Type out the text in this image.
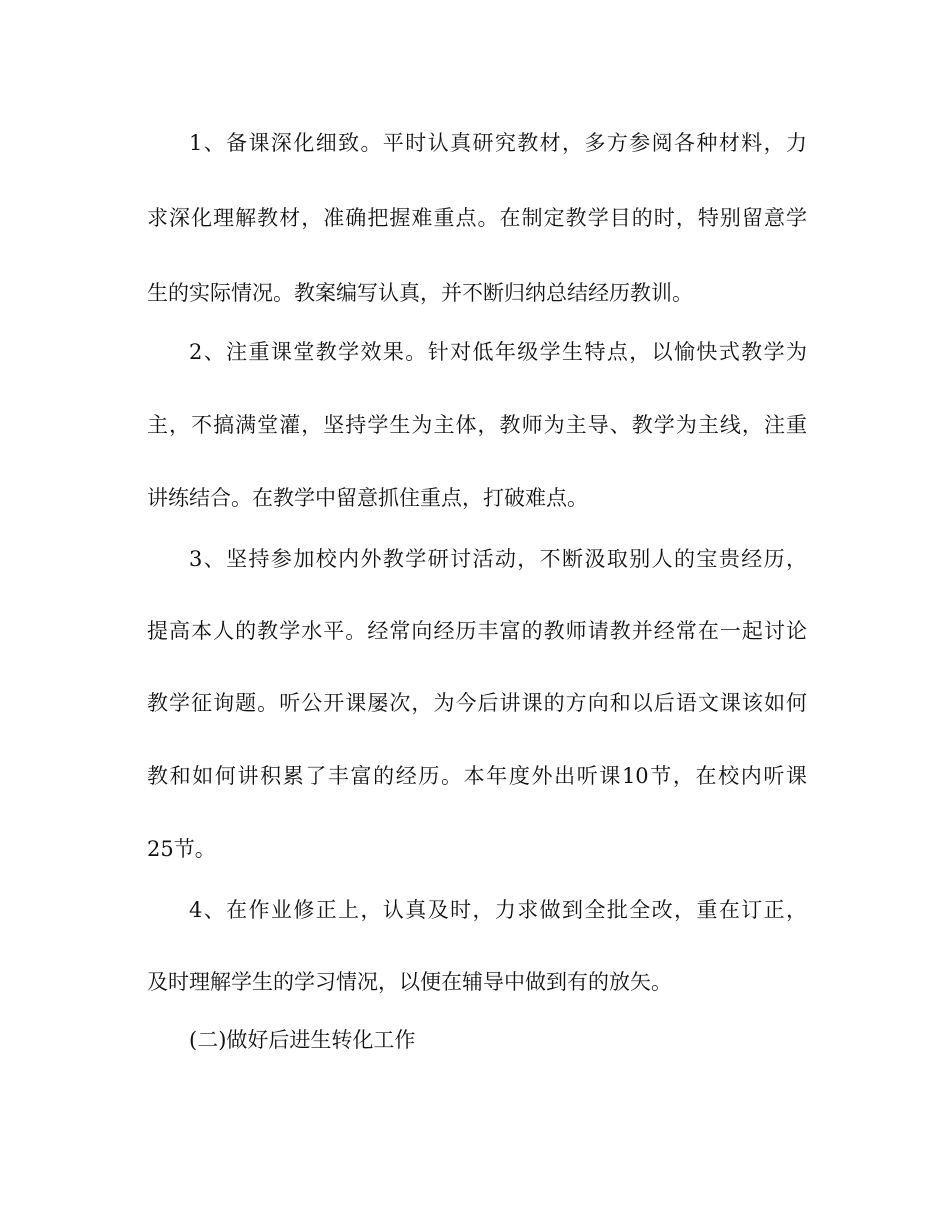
1、备课深化细致。平时认真研究教材，多方参阅各种材料，力
求深化理解教材，准确把握难重点。在制定教学目的时，特别留意学
生的实际情况。教案编写认真，并不断归纳总结经历教训。
2、注重课堂教学效果。针对低年级学生特点，以愉快式教学为
主，不搞满堂灌，坚持学生为主体，教师为主导、教学为主线，注重
讲练结合。在教学中留意抓住重点，打破难点。
3、坚持参加校内外教学研讨活动，不断汲取别人的宝贵经历，
提高本人的教学水平。经常向经历丰富的教师请教并经常在一起讨论
教学征询题。听公开课屡次，为今后讲课的方向和以后语文课该如何
教和如何讲积累了丰富的经历。本年度外出听课10节，在校内听课
25节。
4、在作业修正上，认真及时，力求做到全批全改，重在订正，
及时理解学生的学习情况，以便在辅导中做到有的放矢。
(二)做好后进生转化工作
